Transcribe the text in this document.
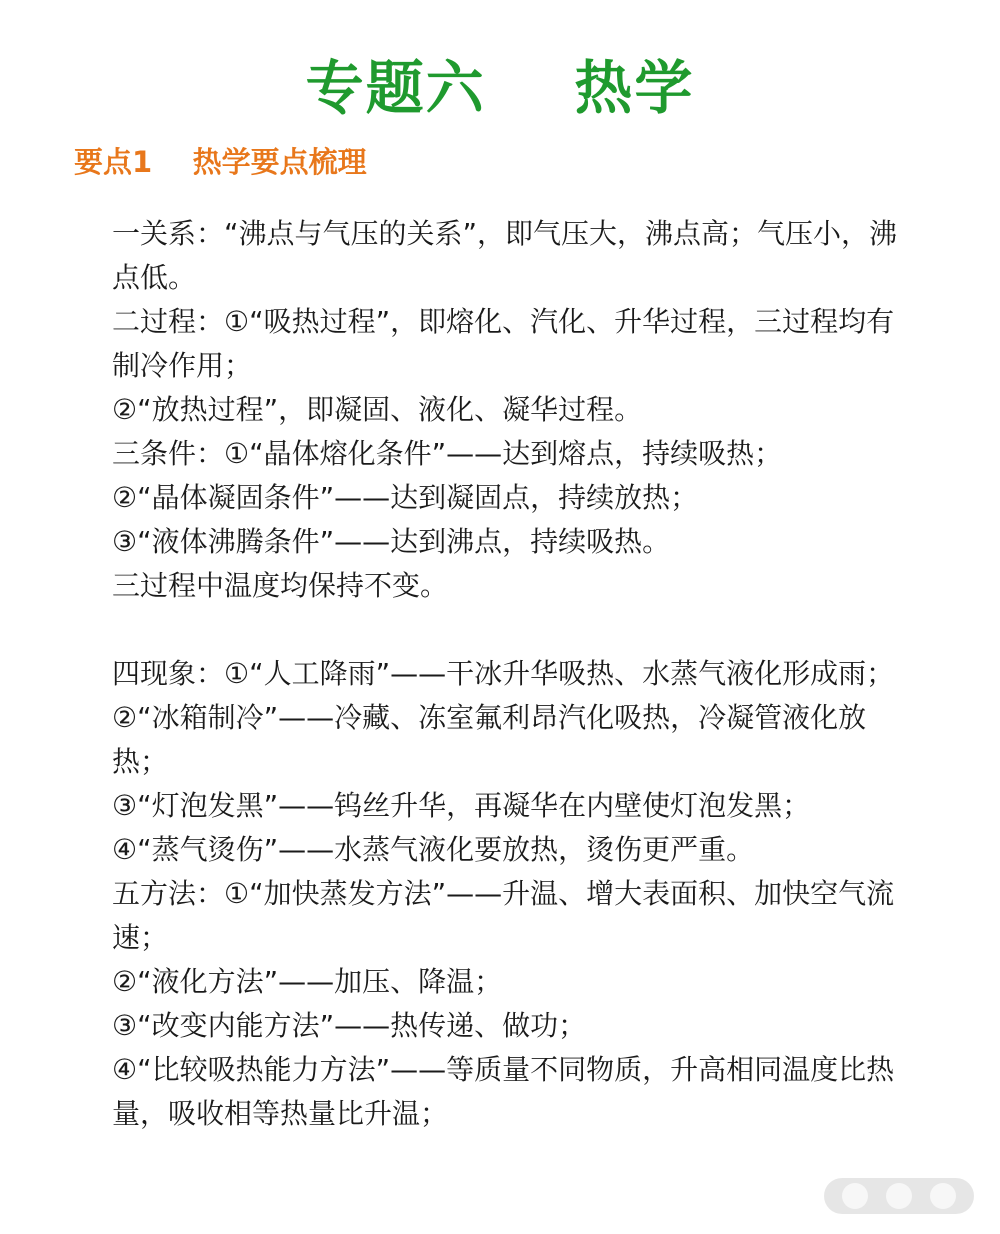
专题六    热学
要点1    热学要点梳理

一关系：“沸点与气压的关系”，即气压大，沸点高；气压小，沸点低。

二过程：①“吸热过程”，即熔化、汽化、升华过程，三过程均有制冷作用；

②“放热过程”，即凝固、液化、凝华过程。

三条件：①“晶体熔化条件”——达到熔点，持续吸热；

②“晶体凝固条件”——达到凝固点，持续放热；

③“液体沸腾条件”——达到沸点，持续吸热。

三过程中温度均保持不变。

四现象：①“人工降雨”——干冰升华吸热、水蒸气液化形成雨；

②“冰箱制冷”——冷藏、冻室氟利昂汽化吸热，冷凝管液化放热；

③“灯泡发黑”——钨丝升华，再凝华在内壁使灯泡发黑；

④“蒸气烫伤”——水蒸气液化要放热，烫伤更严重。

五方法：①“加快蒸发方法”——升温、增大表面积、加快空气流速；

②“液化方法”——加压、降温；

③“改变内能方法”——热传递、做功；

④“比较吸热能力方法”——等质量不同物质，升高相同温度比热量，吸收相等热量比升温；
